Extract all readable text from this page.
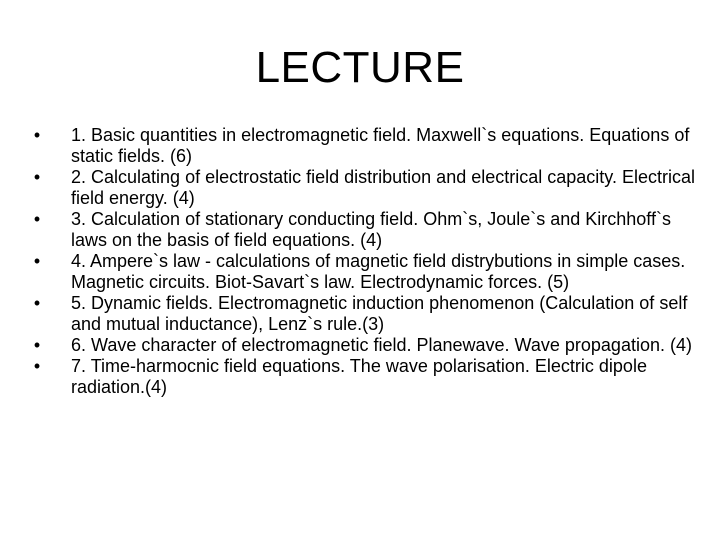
LECTURE
• 1. Basic quantities in electromagnetic field. Maxwell`s equations. Equations of static fields. (6)
• 2. Calculating of electrostatic field distribution and electrical capacity. Electrical field energy. (4)
• 3. Calculation of stationary conducting field. Ohm`s, Joule`s and Kirchhoff`s laws on the basis of field equations. (4)
• 4. Ampere`s law - calculations of magnetic field distrybutions in simple cases. Magnetic circuits. Biot-Savart`s law. Electrodynamic forces. (5)
• 5. Dynamic fields. Electromagnetic induction phenomenon (Calculation of self and mutual inductance), Lenz`s rule.(3)
• 6. Wave character of electromagnetic field. Planewave. Wave propagation. (4)
• 7. Time-harmocnic field equations. The wave polarisation. Electric dipole radiation.(4)
